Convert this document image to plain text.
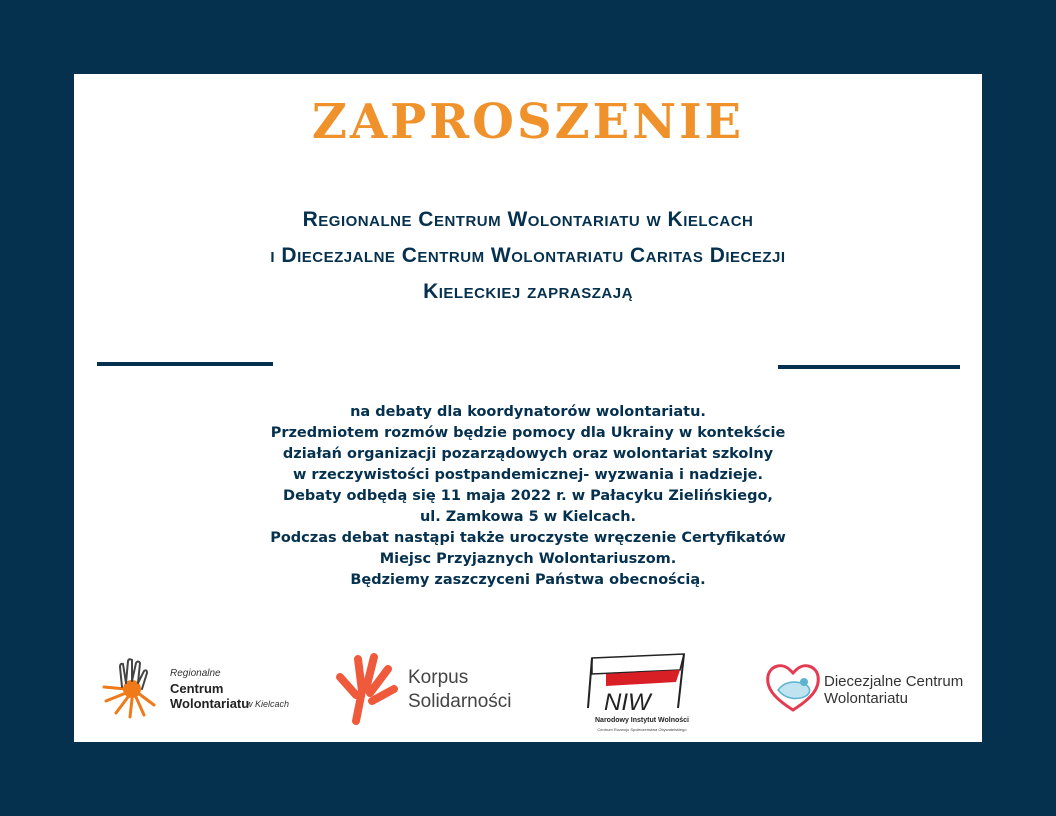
ZAPROSZENIE
Regionalne Centrum Wolontariatu w Kielcach
i Diecezjalne Centrum Wolontariatu Caritas Diecezji
Kieleckiej zapraszają
na debaty dla koordynatorów wolontariatu.
Przedmiotem rozmów będzie pomocy dla Ukrainy w kontekście
działań organizacji pozarządowych oraz wolontariat szkolny
w rzeczywistości postpandemicznej- wyzwania i nadzieje.
Debaty odbędą się 11 maja 2022 r. w Pałacyku Zielińskiego,
ul. Zamkowa 5 w Kielcach.
Podczas debat nastąpi także uroczyste wręczenie Certyfikatów
Miejsc Przyjaznych Wolontariuszom.
Będziemy zaszczyceni Państwa obecnością.
Regionalne
Centrum Wolontariatu
w Kielcach
Korpus
Solidarności	NIW
Narodowy Instytut Wolności
Centrum Rozwoju Społeczeństwa Obywatelskiego
Diecezjalne Centrum
Wolontariatu
